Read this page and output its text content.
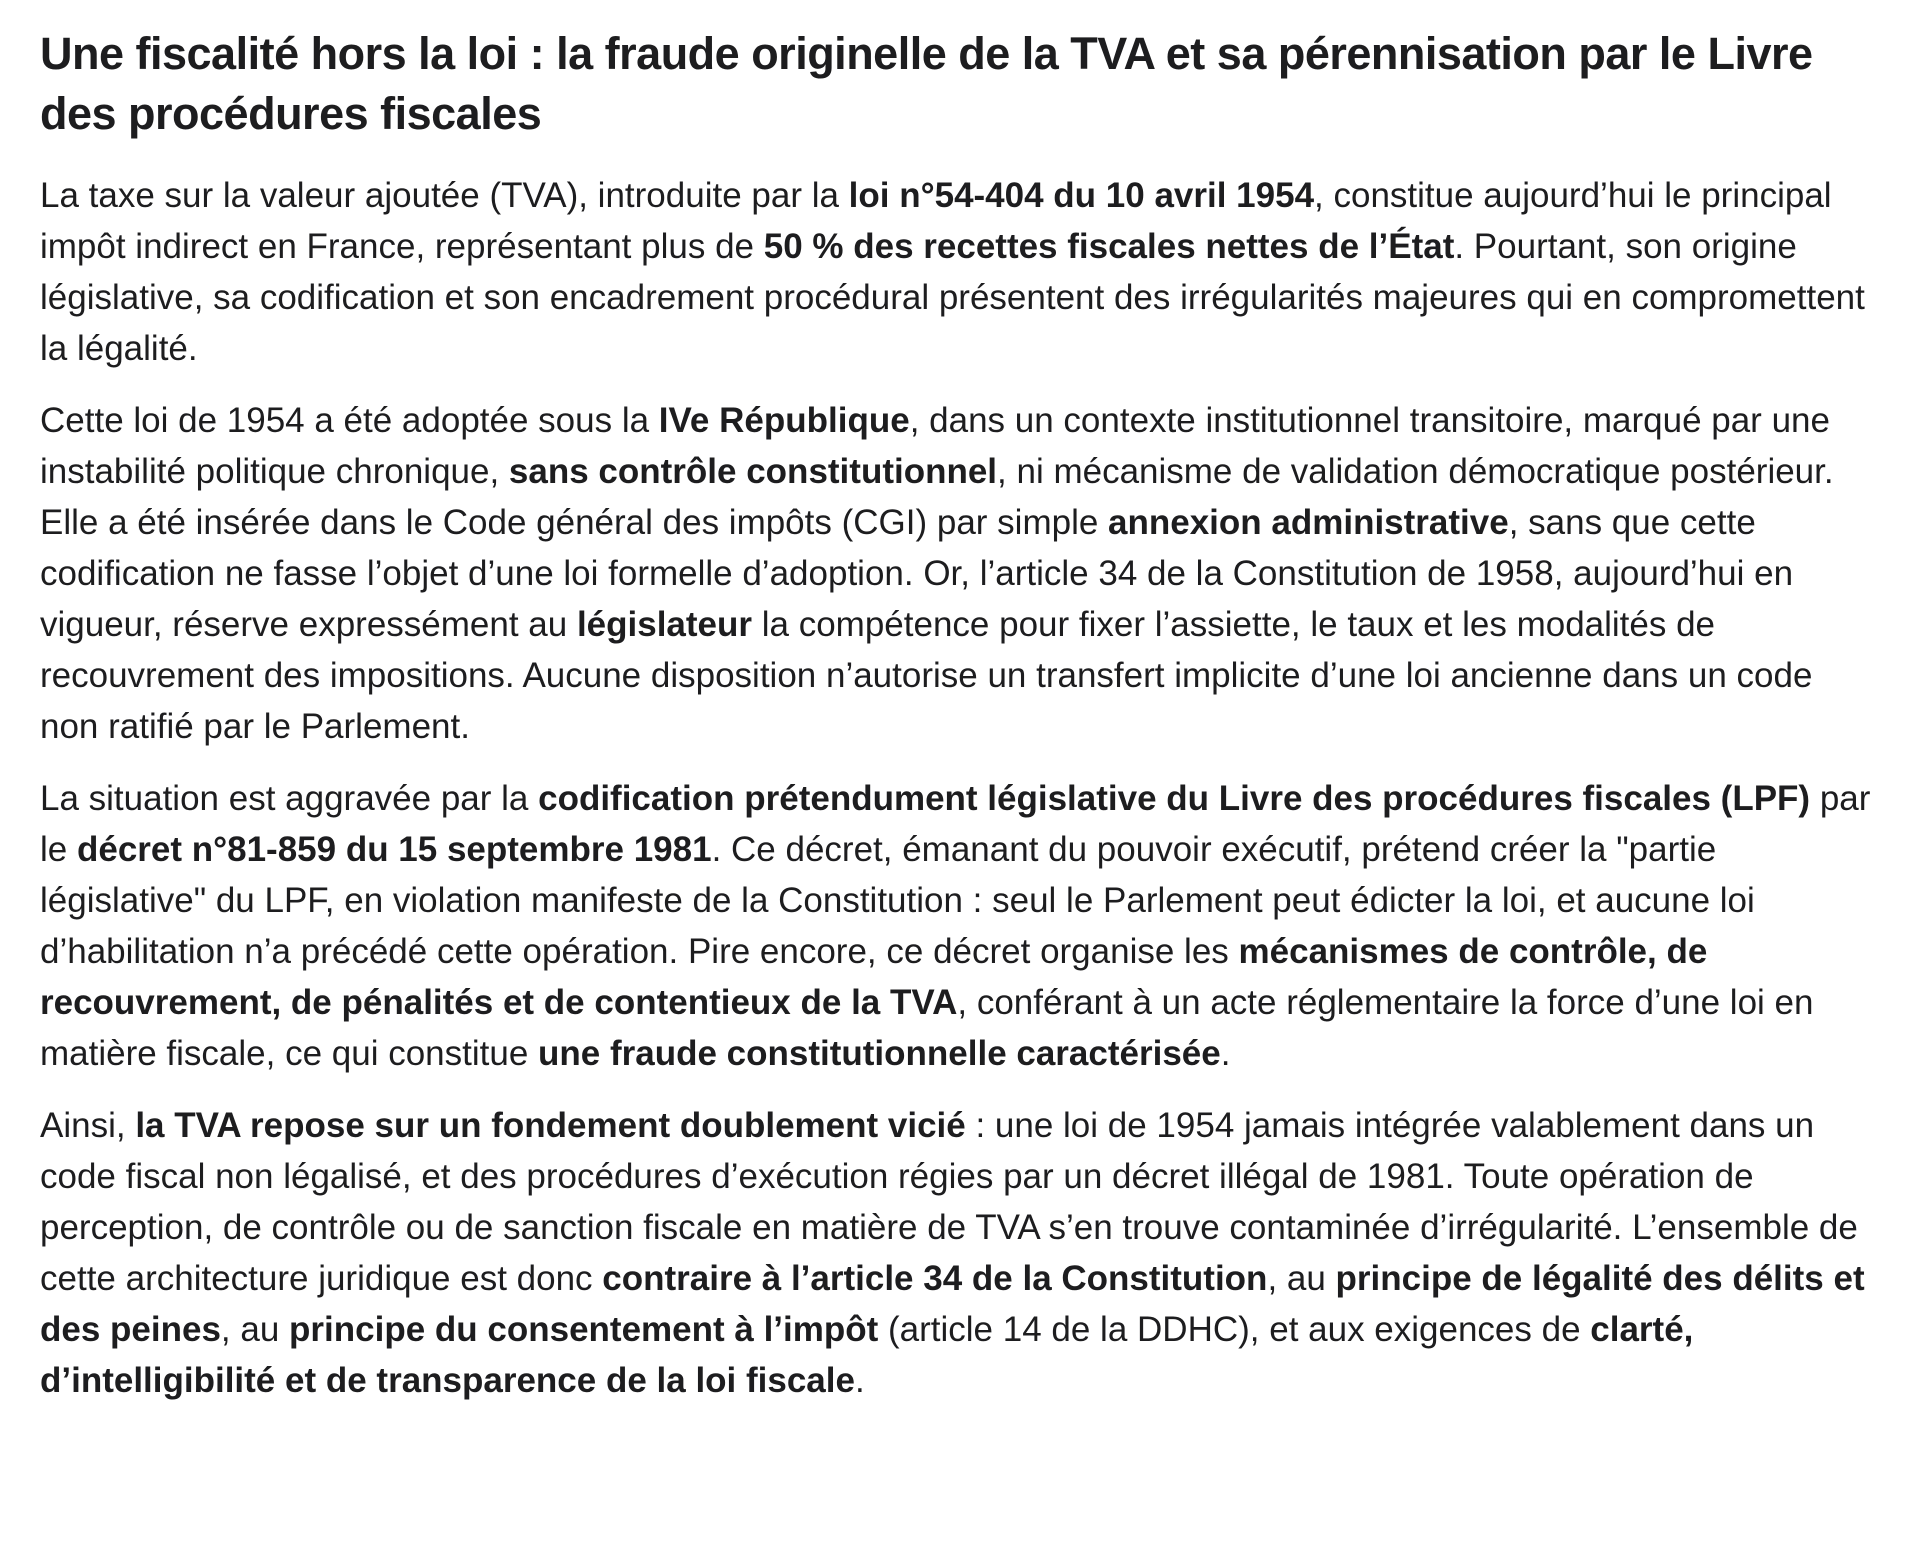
Une fiscalité hors la loi : la fraude originelle de la TVA et sa pérennisation par le Livre des procédures fiscales

La taxe sur la valeur ajoutée (TVA), introduite par la loi n°54-404 du 10 avril 1954, constitue aujourd’hui le principal impôt indirect en France, représentant plus de 50 % des recettes fiscales nettes de l’État. Pourtant, son origine législative, sa codification et son encadrement procédural présentent des irrégularités majeures qui en compromettent la légalité.

Cette loi de 1954 a été adoptée sous la IVe République, dans un contexte institutionnel transitoire, marqué par une instabilité politique chronique, sans contrôle constitutionnel, ni mécanisme de validation démocratique postérieur. Elle a été insérée dans le Code général des impôts (CGI) par simple annexion administrative, sans que cette codification ne fasse l’objet d’une loi formelle d’adoption. Or, l’article 34 de la Constitution de 1958, aujourd’hui en vigueur, réserve expressément au législateur la compétence pour fixer l’assiette, le taux et les modalités de recouvrement des impositions. Aucune disposition n’autorise un transfert implicite d’une loi ancienne dans un code non ratifié par le Parlement.

La situation est aggravée par la codification prétendument législative du Livre des procédures fiscales (LPF) par le décret n°81-859 du 15 septembre 1981. Ce décret, émanant du pouvoir exécutif, prétend créer la "partie législative" du LPF, en violation manifeste de la Constitution : seul le Parlement peut édicter la loi, et aucune loi d’habilitation n’a précédé cette opération. Pire encore, ce décret organise les mécanismes de contrôle, de recouvrement, de pénalités et de contentieux de la TVA, conférant à un acte réglementaire la force d’une loi en matière fiscale, ce qui constitue une fraude constitutionnelle caractérisée.

Ainsi, la TVA repose sur un fondement doublement vicié : une loi de 1954 jamais intégrée valablement dans un code fiscal non légalisé, et des procédures d’exécution régies par un décret illégal de 1981. Toute opération de perception, de contrôle ou de sanction fiscale en matière de TVA s’en trouve contaminée d’irrégularité. L’ensemble de cette architecture juridique est donc contraire à l’article 34 de la Constitution, au principe de légalité des délits et des peines, au principe du consentement à l’impôt (article 14 de la DDHC), et aux exigences de clarté, d’intelligibilité et de transparence de la loi fiscale.
